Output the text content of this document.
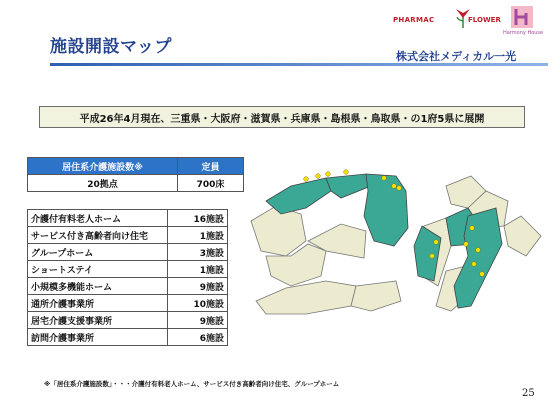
施設開設マップ
PHARMAC	FLOWER
Harmony House
株式会社メディカル一光
平成26年4月現在、三重県・大阪府・滋賀県・兵庫県・島根県・鳥取県・の1府5県に展開
居住系介護施設数※	定員
20拠点	700床
介護付有料老人ホーム	16施設
サービス付き高齢者向け住宅	1施設
グループホーム	3施設
ショートステイ	1施設
小規模多機能ホーム	9施設
通所介護事業所	10施設
居宅介護支援事業所	9施設
訪問介護事業所	6施設
※「居住系介護施設数」・・・介護付有料老人ホーム、サービス付き高齢者向け住宅、グループホーム
25
